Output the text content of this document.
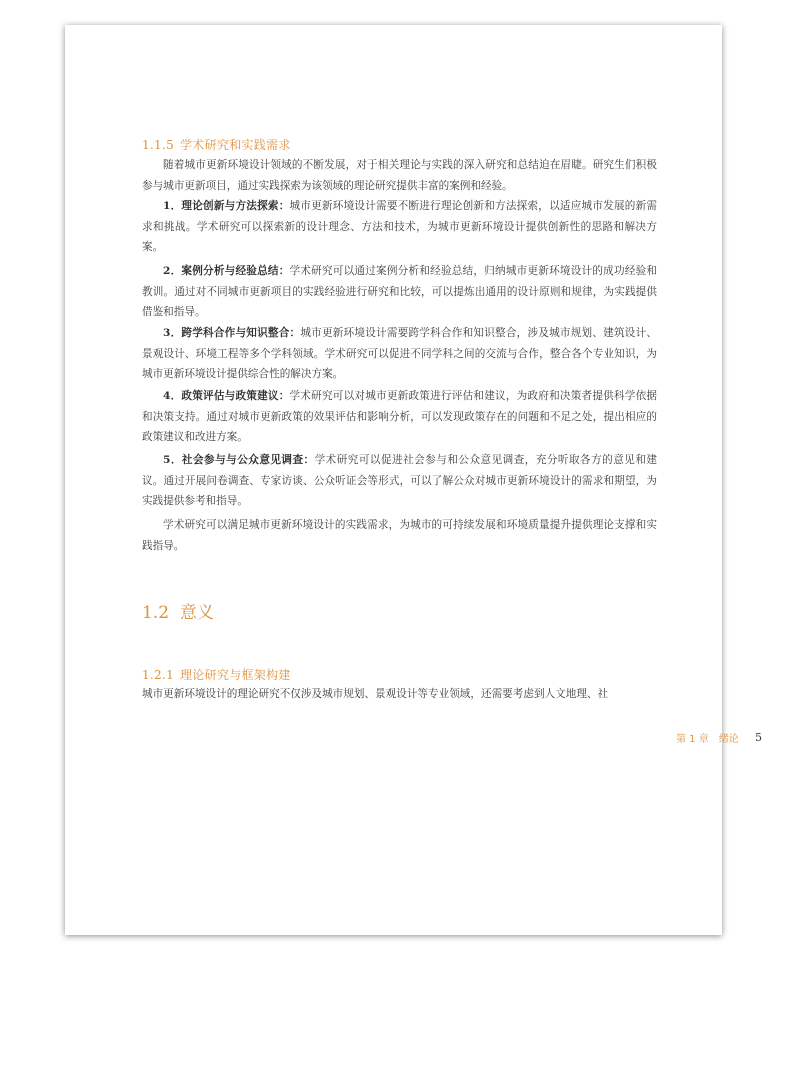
1.1.5 学术研究和实践需求

随着城市更新环境设计领域的不断发展，对于相关理论与实践的深入研究和总结迫在眉睫。研究生们积极参与城市更新项目，通过实践探索为该领域的理论研究提供丰富的案例和经验。

1．理论创新与方法探索：城市更新环境设计需要不断进行理论创新和方法探索，以适应城市发展的新需求和挑战。学术研究可以探索新的设计理念、方法和技术，为城市更新环境设计提供创新性的思路和解决方案。

2．案例分析与经验总结：学术研究可以通过案例分析和经验总结，归纳城市更新环境设计的成功经验和教训。通过对不同城市更新项目的实践经验进行研究和比较，可以提炼出通用的设计原则和规律，为实践提供借鉴和指导。

3．跨学科合作与知识整合：城市更新环境设计需要跨学科合作和知识整合，涉及城市规划、建筑设计、景观设计、环境工程等多个学科领域。学术研究可以促进不同学科之间的交流与合作，整合各个专业知识，为城市更新环境设计提供综合性的解决方案。

4．政策评估与政策建议：学术研究可以对城市更新政策进行评估和建议，为政府和决策者提供科学依据和决策支持。通过对城市更新政策的效果评估和影响分析，可以发现政策存在的问题和不足之处，提出相应的政策建议和改进方案。

5．社会参与与公众意见调查：学术研究可以促进社会参与和公众意见调查，充分听取各方的意见和建议。通过开展问卷调查、专家访谈、公众听证会等形式，可以了解公众对城市更新环境设计的需求和期望，为实践提供参考和指导。

学术研究可以满足城市更新环境设计的实践需求，为城市的可持续发展和环境质量提升提供理论支撑和实践指导。

1.2 意义
1.2.1 理论研究与框架构建

城市更新环境设计的理论研究不仅涉及城市规划、景观设计等专业领域，还需要考虑到人文地理、社

第 1 章　绪论 5
